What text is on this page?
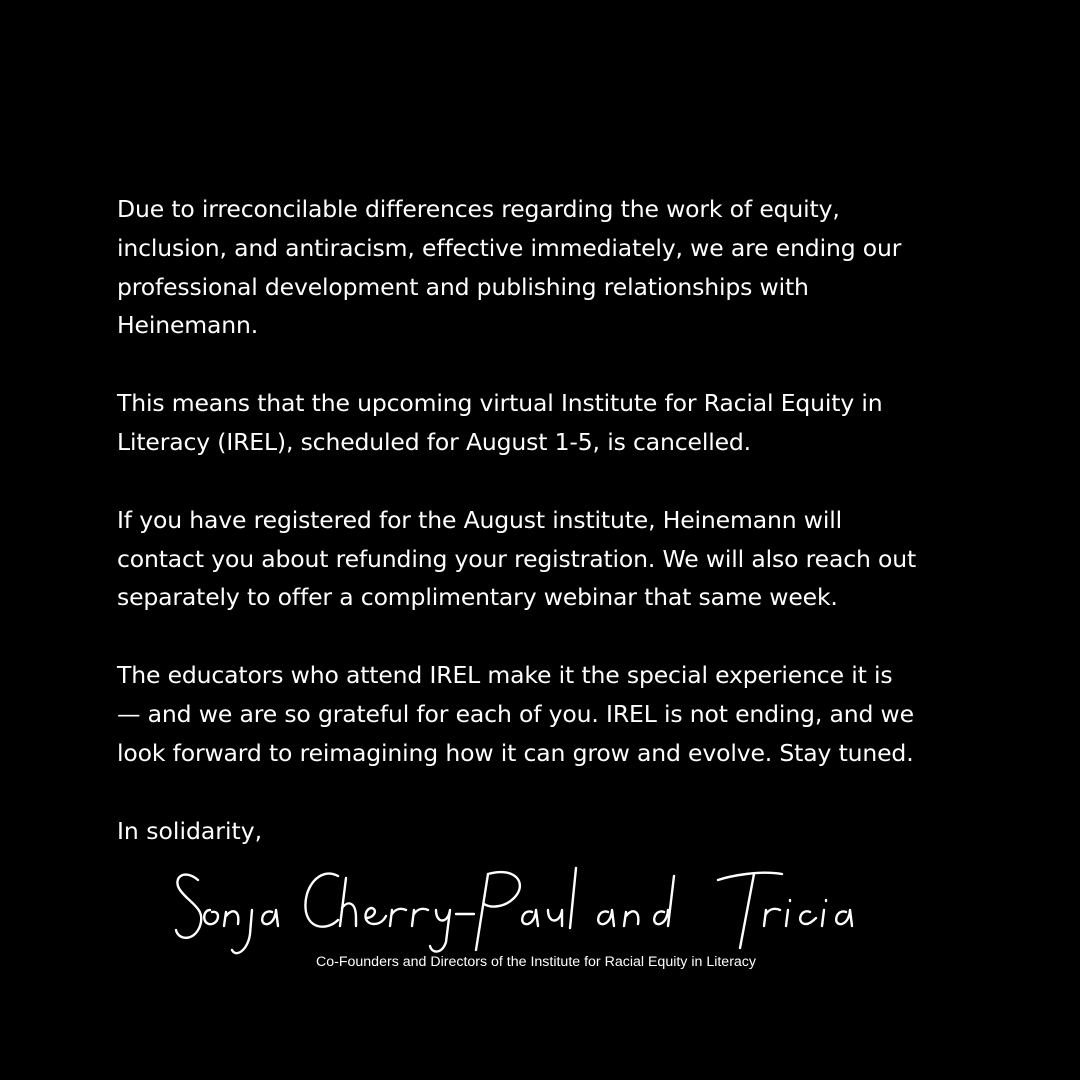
Due to irreconcilable differences regarding the work of equity,
inclusion, and antiracism, effective immediately, we are ending our
professional development and publishing relationships with
Heinemann.

This means that the upcoming virtual Institute for Racial Equity in
Literacy (IREL), scheduled for August 1-5, is cancelled.

If you have registered for the August institute, Heinemann will
contact you about refunding your registration. We will also reach out
separately to offer a complimentary webinar that same week.

The educators who attend IREL make it the special experience it is
— and we are so grateful for each of you. IREL is not ending, and we
look forward to reimagining how it can grow and evolve. Stay tuned.

In solidarity,

Co-Founders and Directors of the Institute for Racial Equity in Literacy
